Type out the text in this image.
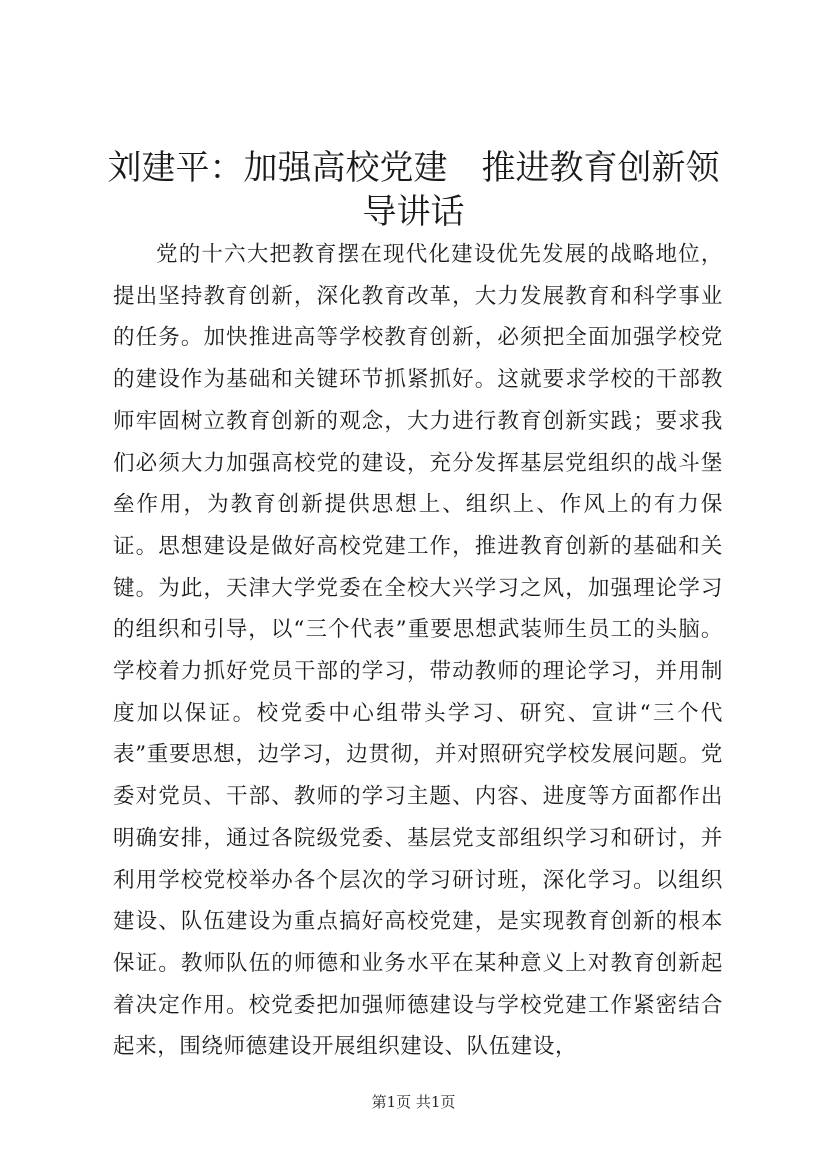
刘建平：加强高校党建　推进教育创新领导讲话

党的十六大把教育摆在现代化建设优先发展的战略地位，提出坚持教育创新，深化教育改革，大力发展教育和科学事业的任务。加快推进高等学校教育创新，必须把全面加强学校党的建设作为基础和关键环节抓紧抓好。这就要求学校的干部教师牢固树立教育创新的观念，大力进行教育创新实践；要求我们必须大力加强高校党的建设，充分发挥基层党组织的战斗堡垒作用，为教育创新提供思想上、组织上、作风上的有力保证。思想建设是做好高校党建工作，推进教育创新的基础和关键。为此，天津大学党委在全校大兴学习之风，加强理论学习的组织和引导，以“三个代表”重要思想武装师生员工的头脑。学校着力抓好党员干部的学习，带动教师的理论学习，并用制度加以保证。校党委中心组带头学习、研究、宣讲“三个代表”重要思想，边学习，边贯彻，并对照研究学校发展问题。党委对党员、干部、教师的学习主题、内容、进度等方面都作出明确安排，通过各院级党委、基层党支部组织学习和研讨，并利用学校党校举办各个层次的学习研讨班，深化学习。以组织建设、队伍建设为重点搞好高校党建，是实现教育创新的根本保证。教师队伍的师德和业务水平在某种意义上对教育创新起着决定作用。校党委把加强师德建设与学校党建工作紧密结合起来，围绕师德建设开展组织建设、队伍建设，

第1页 共1页
